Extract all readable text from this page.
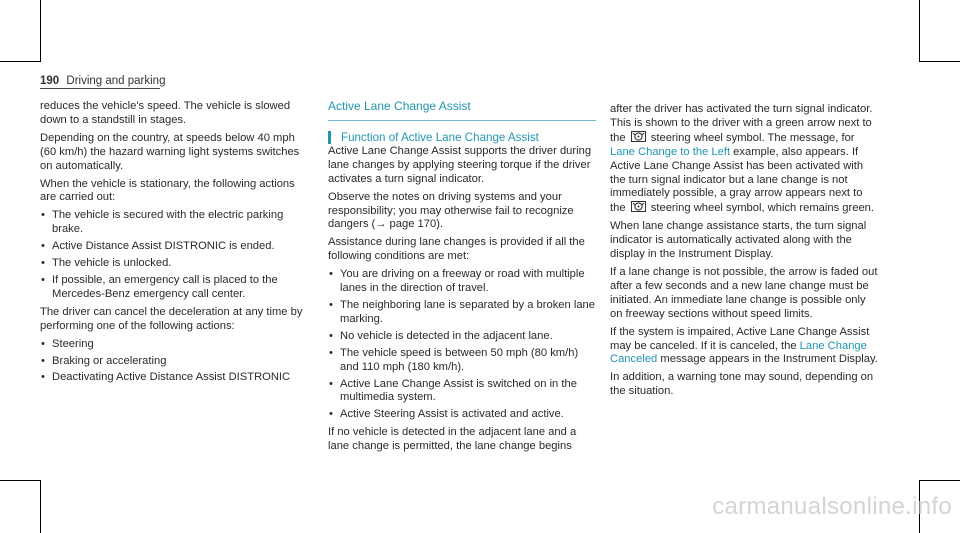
190 Driving and parking

reduces the vehicle's speed. The vehicle is slowed down to a standstill in stages.

Depending on the country, at speeds below 40 mph (60 km/h) the hazard warning light systems switches on automatically.

When the vehicle is stationary, the following actions are carried out:

• The vehicle is secured with the electric parking brake.
• Active Distance Assist DISTRONIC is ended.
• The vehicle is unlocked.
• If possible, an emergency call is placed to the Mercedes-Benz emergency call center.

The driver can cancel the deceleration at any time by performing one of the following actions:

• Steering
• Braking or accelerating
• Deactivating Active Distance Assist DISTRONIC
Active Lane Change Assist
Function of Active Lane Change Assist

Active Lane Change Assist supports the driver during lane changes by applying steering torque if the driver activates a turn signal indicator.

Observe the notes on driving systems and your responsibility; you may otherwise fail to recognize dangers (→ page 170).

Assistance during lane changes is provided if all the following conditions are met:

• You are driving on a freeway or road with multiple lanes in the direction of travel.
• The neighboring lane is separated by a broken lane marking.
• No vehicle is detected in the adjacent lane.
• The vehicle speed is between 50 mph (80 km/h) and 110 mph (180 km/h).
• Active Lane Change Assist is switched on in the multimedia system.
• Active Steering Assist is activated and active.

If no vehicle is detected in the adjacent lane and a lane change is permitted, the lane change begins

after the driver has activated the turn signal indicator. This is shown to the driver with a green arrow next to the steering wheel symbol. The message, for Lane Change to the Left example, also appears. If Active Lane Change Assist has been activated with the turn signal indicator but a lane change is not immediately possible, a gray arrow appears next to the steering wheel symbol, which remains green.

When lane change assistance starts, the turn signal indicator is automatically activated along with the display in the Instrument Display.

If a lane change is not possible, the arrow is faded out after a few seconds and a new lane change must be initiated. An immediate lane change is possible only on freeway sections without speed limits.

If the system is impaired, Active Lane Change Assist may be canceled. If it is canceled, the Lane Change Canceled message appears in the Instrument Display.

In addition, a warning tone may sound, depending on the situation.

carmanualsonline.info
